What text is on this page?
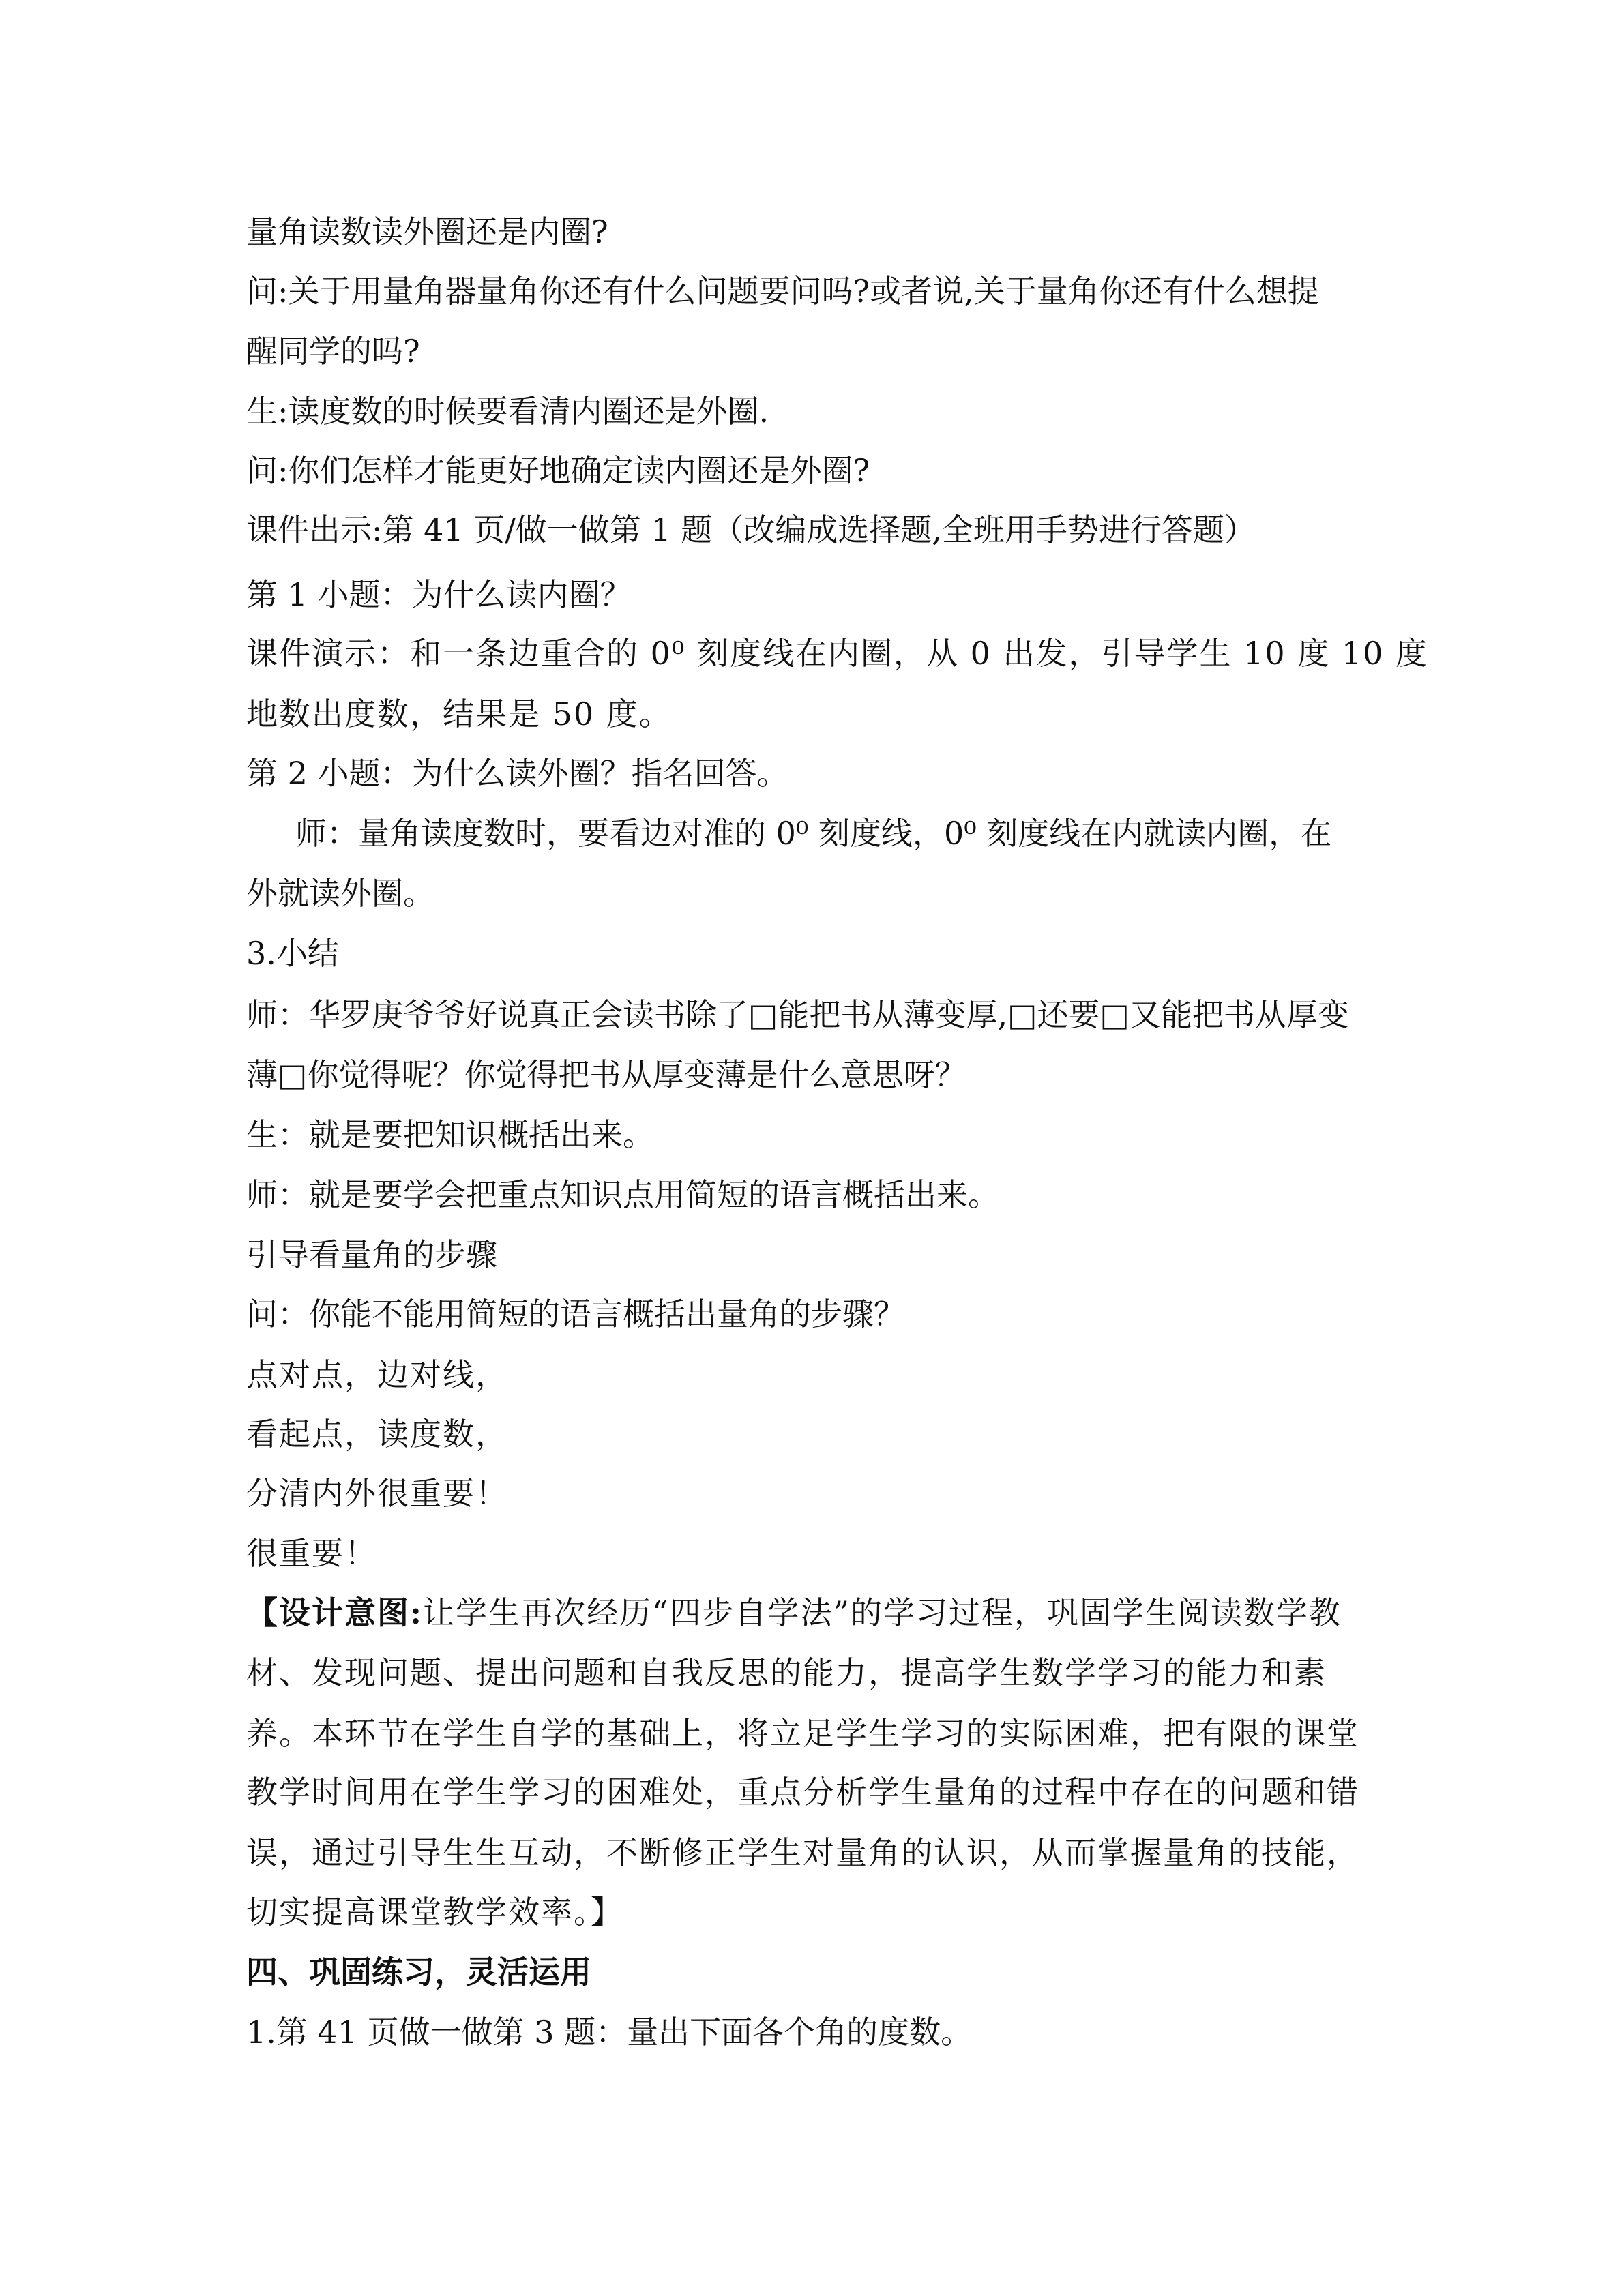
量角读数读外圈还是内圈?

问:关于用量角器量角你还有什么问题要问吗?或者说,关于量角你还有什么想提

醒同学的吗?

生:读度数的时候要看清内圈还是外圈.

问:你们怎样才能更好地确定读内圈还是外圈?

课件出示:第 41 页/做一做第 1 题（改编成选择题,全班用手势进行答题）

第 1 小题：为什么读内圈？

课件演示：和一条边重合的 0⁰ 刻度线在内圈，从 0 出发，引导学生 10 度 10 度

地数出度数，结果是 50 度。

第 2 小题：为什么读外圈？指名回答。

师：量角读度数时，要看边对准的 0⁰ 刻度线，0⁰ 刻度线在内就读内圈，在

外就读外圈。

3.小结

师：华罗庚爷爷好说真正会读书除了□能把书从薄变厚,□还要□又能把书从厚变

薄□你觉得呢？你觉得把书从厚变薄是什么意思呀？

生：就是要把知识概括出来。

师：就是要学会把重点知识点用简短的语言概括出来。

引导看量角的步骤

问：你能不能用简短的语言概括出量角的步骤？

点对点，边对线，

看起点，读度数，

分清内外很重要！

很重要！

【设计意图:让学生再次经历“四步自学法”的学习过程，巩固学生阅读数学教

材、发现问题、提出问题和自我反思的能力，提高学生数学学习的能力和素

养。本环节在学生自学的基础上，将立足学生学习的实际困难，把有限的课堂

教学时间用在学生学习的困难处，重点分析学生量角的过程中存在的问题和错

误，通过引导生生互动，不断修正学生对量角的认识，从而掌握量角的技能，

切实提高课堂教学效率。】

四、巩固练习，灵活运用

1.第 41 页做一做第 3 题：量出下面各个角的度数。
